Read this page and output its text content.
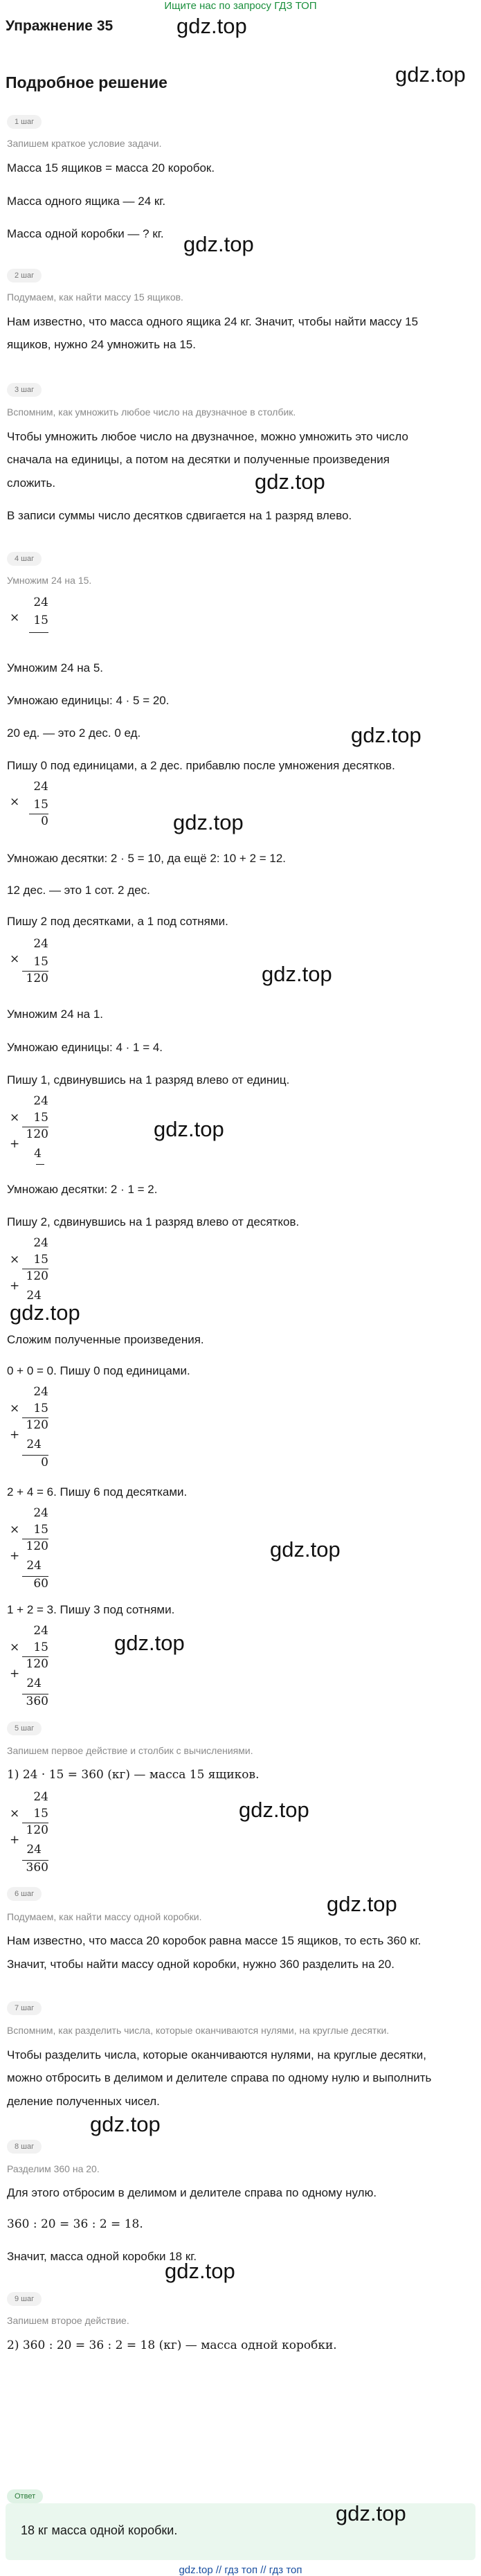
Ищите нас по запросу ГДЗ ТОП
Упражнение 35	gdz.top
Подробное решение	gdz.top
1 шаг
Запишем краткое условие задачи.
Масса 15 ящиков = масса 20 коробок.
Масса одного ящика — 24 кг.
Масса одной коробки — ? кг. gdz.top
2 шаг
Подумаем, как найти массу 15 ящиков.
Нам известно, что масса одного ящика 24 кг. Значит, чтобы найти массу 15
ящиков, нужно 24 умножить на 15.
3 шаг
Вспомним, как умножить любое число на двузначное в столбик.
Чтобы умножить любое число на двузначное, можно умножить это число
сначала на единицы, а потом на десятки и полученные произведения
сложить.	gdz.top
В записи суммы число десятков сдвигается на 1 разряд влево.
4 шаг
Умножим 24 на 15.
×
24
15
Умножим 24 на 5.
Умножаю единицы: 4 · 5 = 20.
20 ед. — это 2 дес. 0 ед.	gdz.top
Пишу 0 под единицами, а 2 дес. прибавлю после умножения десятков.
×
24
15
0	gdz.top
Умножаю десятки: 2 · 5 = 10, да ещё 2: 10 + 2 = 12.
12 дес. — это 1 сот. 2 дес.
Пишу 2 под десятками, а 1 под сотнями.
×
24
15
120	gdz.top
Умножим 24 на 1.
Умножаю единицы: 4 · 1 = 4.
Пишу 1, сдвинувшись на 1 разряд влево от единиц.
×
24
15
120
+
4
gdz.top
Умножаю десятки: 2 · 1 = 2.
Пишу 2, сдвинувшись на 1 разряд влево от десятков.
×
24
15
120
+
24
gdz.top
Сложим полученные произведения.
0 + 0 = 0. Пишу 0 под единицами.
×
24
15
120
+
24
0
2 + 4 = 6. Пишу 6 под десятками.
×
24
15
120
+
24
60
gdz.top
1 + 2 = 3. Пишу 3 под сотнями.
×
24
15
120
+
24
360
gdz.top
5 шаг
Запишем первое действие и столбик с вычислениями.
1) 24 · 15 = 360 (кг) — масса 15 ящиков.
×
24
15
120
+
24
360
gdz.top
6 шаг	gdz.top
Подумаем, как найти массу одной коробки.
Нам известно, что масса 20 коробок равна массе 15 ящиков, то есть 360 кг.
Значит, чтобы найти массу одной коробки, нужно 360 разделить на 20.
7 шаг
Вспомним, как разделить числа, которые оканчиваются нулями, на круглые десятки.
Чтобы разделить числа, которые оканчиваются нулями, на круглые десятки,
можно отбросить в делимом и делителе справа по одному нулю и выполнить
деление полученных чисел.
gdz.top
8 шаг
Разделим 360 на 20.
Для этого отбросим в делимом и делителе справа по одному нулю.
360 : 20 = 36 : 2 = 18.
Значит, масса одной коробки 18 кг.
gdz.top
9 шаг
Запишем второе действие.
2) 360 : 20 = 36 : 2 = 18 (кг) — масса одной коробки.
Ответ
18 кг масса одной коробки.
gdz.top
gdz.top // гдз топ // гдз топ
